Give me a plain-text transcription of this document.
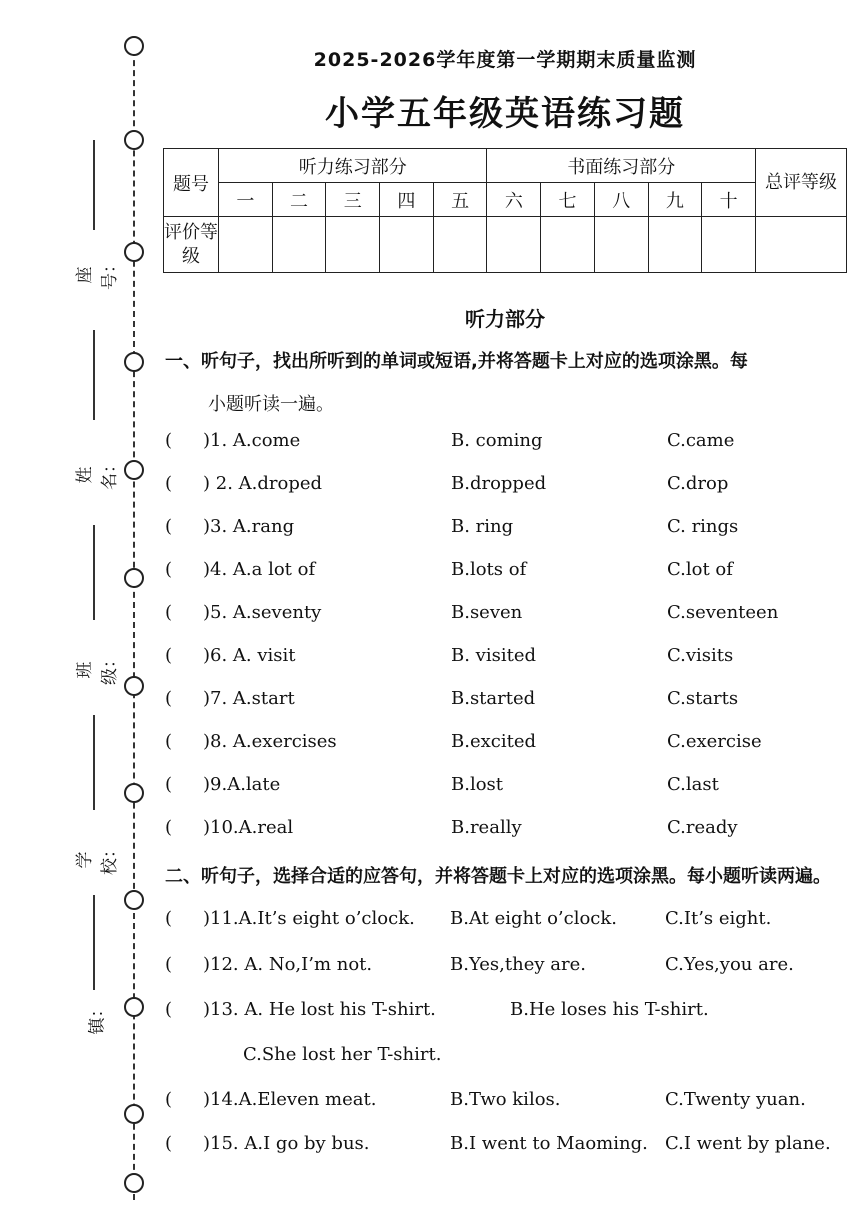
座号：
姓名：
班 级：
学校：
镇：
2025-2026学年度第一学期期末质量监测
小学五年级英语练习题
题号	听力练习部分					书面练习部分					总评等级
	一	二	三	四	五	六	七	八	九	十	
评价等级											
听力部分
一、听句子，找出所听到的单词或短语,并将答题卡上对应的选项涂黑。每
小题听读一遍。
( )1. A.come	B. coming	C.came
( ) 2. A.droped	B.dropped	C.drop
( )3. A.rang	B. ring	C. rings
( )4. A.a lot of	B.lots of	C.lot of
( )5. A.seventy	B.seven	C.seventeen
( )6. A. visit	B. visited	C.visits
( )7. A.start	B.started	C.starts
( )8. A.exercises	B.excited	C.exercise
( )9.A.late	B.lost	C.last
( )10.A.real	B.really	C.ready
二、听句子，选择合适的应答句，并将答题卡上对应的选项涂黑。每小题听读两遍。
( )11.A.It’s eight o’clock. B.At eight o’clock.	C.It’s eight.
( )12. A. No,I’m not.	B.Yes,they are.	C.Yes,you are.
( )13. A. He lost his T-shirt.	B.He loses his T-shirt.
C.She lost her T-shirt.
( )14.A.Eleven meat.	B.Two kilos.	C.Twenty yuan.
( )15. A.I go by bus.	B.I went to Maoming. C.I went by plane.
